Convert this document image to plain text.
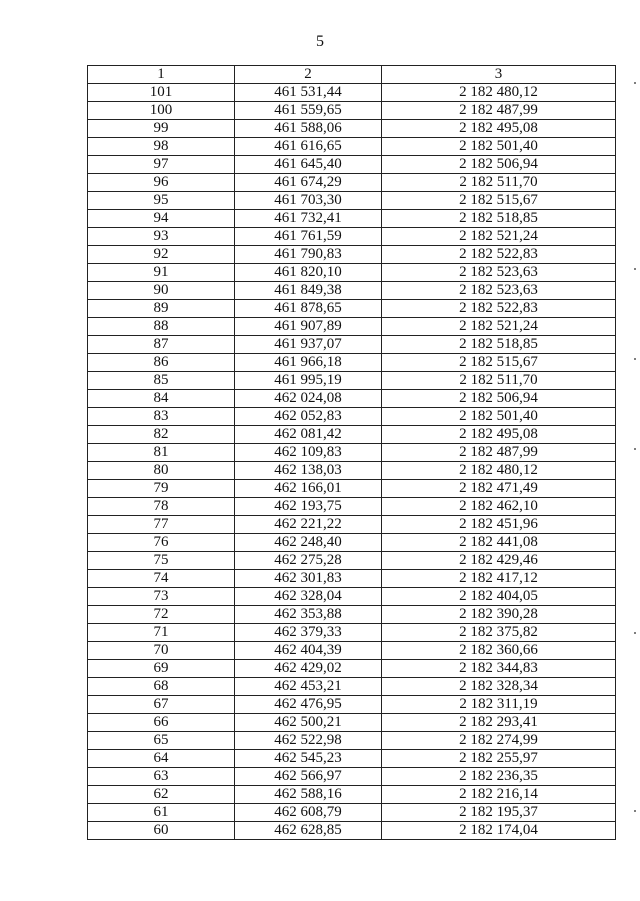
5
1	2	3
101	461 531,44	2 182 480,12
100	461 559,65	2 182 487,99
99	461 588,06	2 182 495,08
98	461 616,65	2 182 501,40
97	461 645,40	2 182 506,94
96	461 674,29	2 182 511,70
95	461 703,30	2 182 515,67
94	461 732,41	2 182 518,85
93	461 761,59	2 182 521,24
92	461 790,83	2 182 522,83
91	461 820,10	2 182 523,63
90	461 849,38	2 182 523,63
89	461 878,65	2 182 522,83
88	461 907,89	2 182 521,24
87	461 937,07	2 182 518,85
86	461 966,18	2 182 515,67
85	461 995,19	2 182 511,70
84	462 024,08	2 182 506,94
83	462 052,83	2 182 501,40
82	462 081,42	2 182 495,08
81	462 109,83	2 182 487,99
80	462 138,03	2 182 480,12
79	462 166,01	2 182 471,49
78	462 193,75	2 182 462,10
77	462 221,22	2 182 451,96
76	462 248,40	2 182 441,08
75	462 275,28	2 182 429,46
74	462 301,83	2 182 417,12
73	462 328,04	2 182 404,05
72	462 353,88	2 182 390,28
71	462 379,33	2 182 375,82
70	462 404,39	2 182 360,66
69	462 429,02	2 182 344,83
68	462 453,21	2 182 328,34
67	462 476,95	2 182 311,19
66	462 500,21	2 182 293,41
65	462 522,98	2 182 274,99
64	462 545,23	2 182 255,97
63	462 566,97	2 182 236,35
62	462 588,16	2 182 216,14
61	462 608,79	2 182 195,37
60	462 628,85	2 182 174,04
